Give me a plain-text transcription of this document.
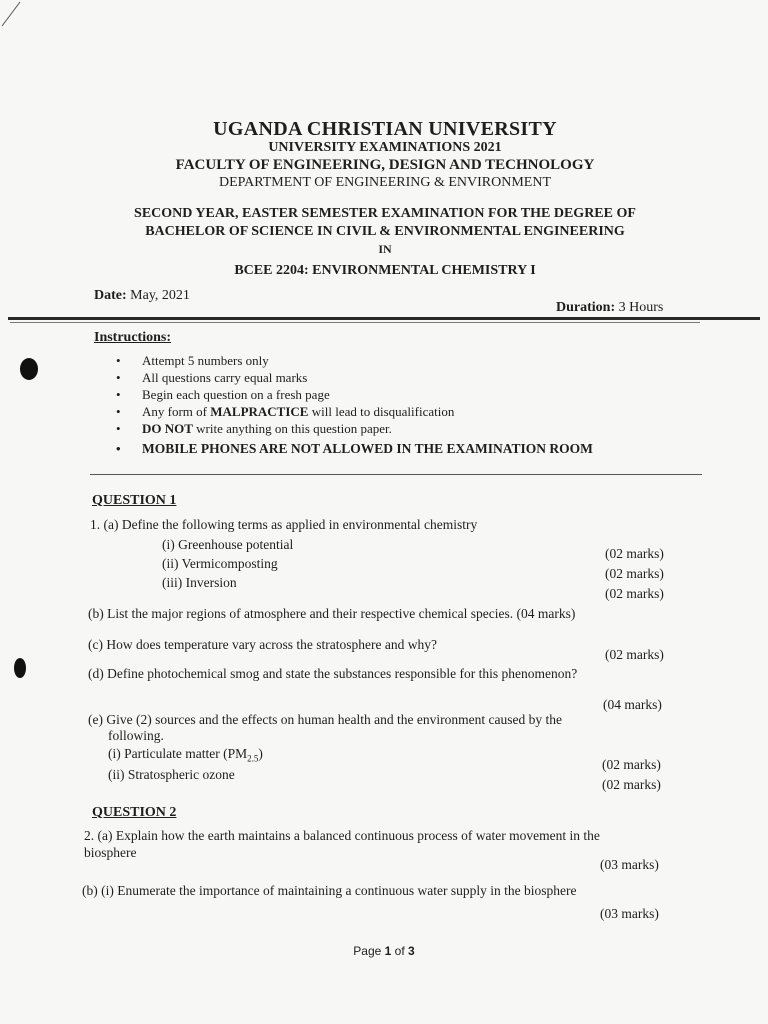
UGANDA CHRISTIAN UNIVERSITY
UNIVERSITY EXAMINATIONS 2021
FACULTY OF ENGINEERING, DESIGN AND TECHNOLOGY
DEPARTMENT OF ENGINEERING & ENVIRONMENT
SECOND YEAR, EASTER SEMESTER EXAMINATION FOR THE DEGREE OF
BACHELOR OF SCIENCE IN CIVIL & ENVIRONMENTAL ENGINEERING
IN
BCEE 2204: ENVIRONMENTAL CHEMISTRY I
Date: May, 2021
Duration: 3 Hours
Instructions:
• Attempt 5 numbers only
• All questions carry equal marks
• Begin each question on a fresh page
• Any form of MALPRACTICE will lead to disqualification
• DO NOT write anything on this question paper.
• MOBILE PHONES ARE NOT ALLOWED IN THE EXAMINATION ROOM
QUESTION 1
1. (a) Define the following terms as applied in environmental chemistry
(i) Greenhouse potential
(ii) Vermicomposting
(iii) Inversion
(02 marks)
(02 marks)
(02 marks)
(b) List the major regions of atmosphere and their respective chemical species. (04 marks)
(c) How does temperature vary across the stratosphere and why?
(02 marks)
(d) Define photochemical smog and state the substances responsible for this phenomenon?
(04 marks)
(e) Give (2) sources and the effects on human health and the environment caused by the
following.
(i) Particulate matter $(PM_{2.5})$
(ii) Stratospheric ozone
(02 marks)
(02 marks)
QUESTION 2
2. (a) Explain how the earth maintains a balanced continuous process of water movement in the
biosphere
(03 marks)
(b) (i) Enumerate the importance of maintaining a continuous water supply in the biosphere
(03 marks)
Page 1 of 3
